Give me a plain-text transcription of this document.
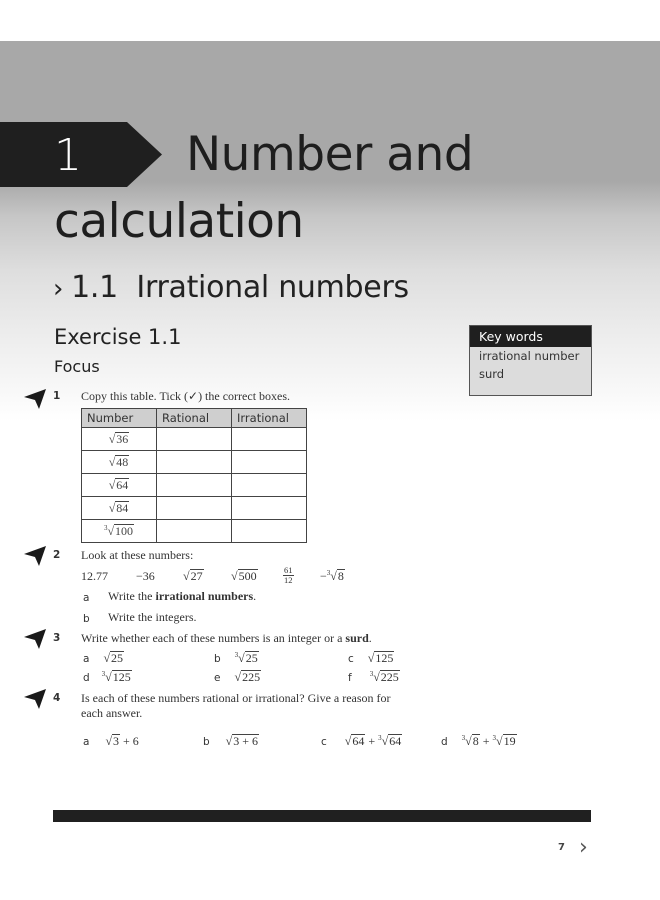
1 Number and
calculation
› 1.1 Irrational numbers
Exercise 1.1
Focus
Key words
irrational number
surd
1 Copy this table. Tick (✓) the correct boxes.
Number	Rational	Irrational
√36		
√48		
√64		
√84		
$^3$√100		
2 Look at these numbers:
12.77 −36 √27 √500	$\frac{61}{12} -^3√8$
a Write the irrational numbers.
b Write the integers.
3 Write whether each of these numbers is an integer or a surd.
a √25	b $^3$√25	c √125
d $^3$√125	e √225	f	$^3$√225
4 Is each of these numbers rational or irrational? Give a reason for
each answer.
a √3 + 6	b √3 + 6	c √64 + $^3$√64	d $^3$√8 + $^3$√19
7 ›
